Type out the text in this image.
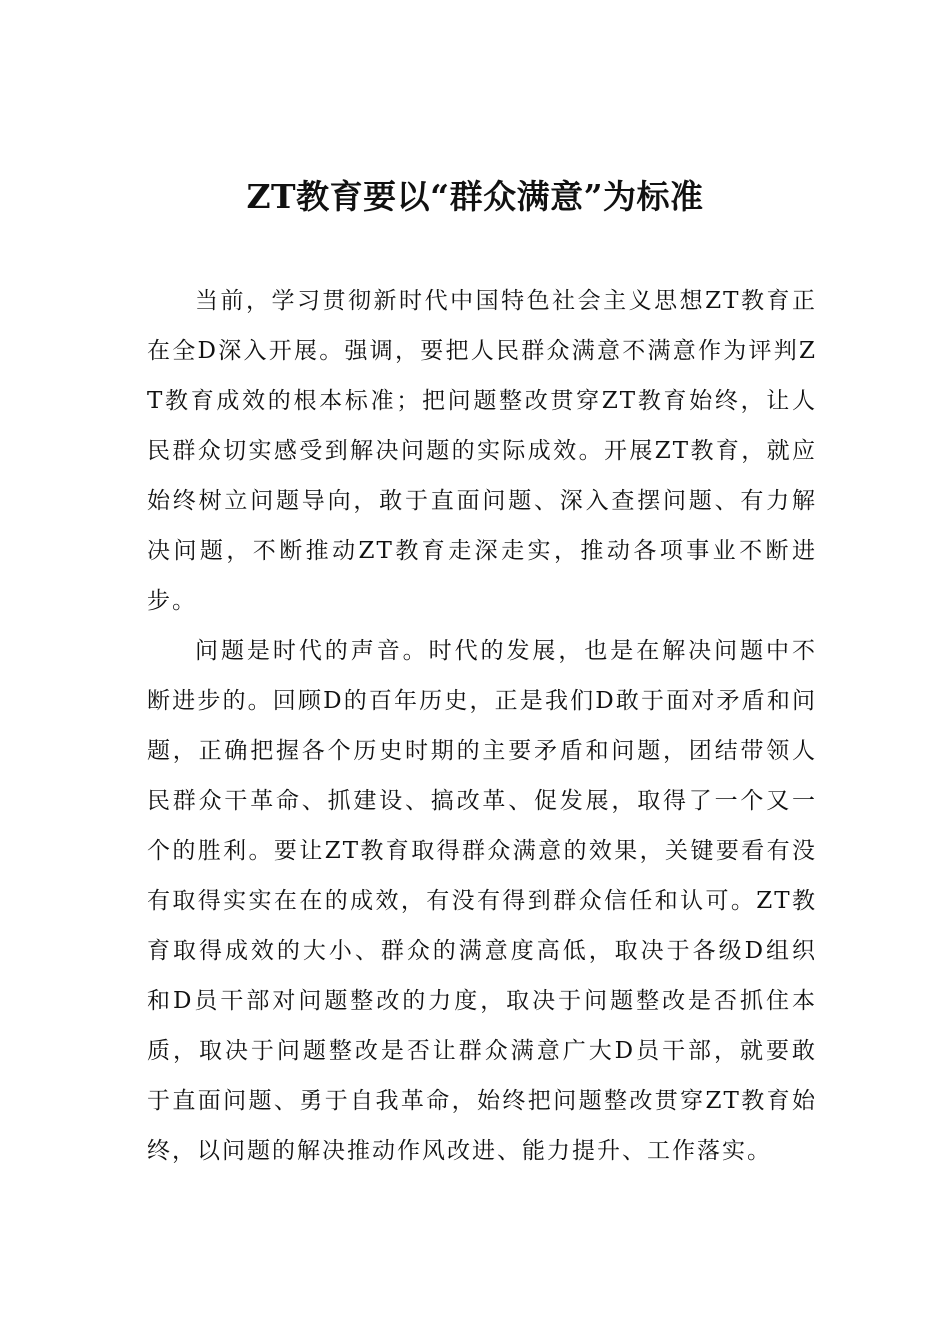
ZT教育要以“群众满意”为标准

当前，学习贯彻新时代中国特色社会主义思想ZT教育正在全D深入开展。强调，要把人民群众满意不满意作为评判ZT教育成效的根本标准；把问题整改贯穿ZT教育始终，让人民群众切实感受到解决问题的实际成效。开展ZT教育，就应始终树立问题导向，敢于直面问题、深入查摆问题、有力解决问题，不断推动ZT教育走深走实，推动各项事业不断进步。

问题是时代的声音。时代的发展，也是在解决问题中不断进步的。回顾D的百年历史，正是我们D敢于面对矛盾和问题，正确把握各个历史时期的主要矛盾和问题，团结带领人民群众干革命、抓建设、搞改革、促发展，取得了一个又一个的胜利。要让ZT教育取得群众满意的效果，关键要看有没有取得实实在在的成效，有没有得到群众信任和认可。ZT教育取得成效的大小、群众的满意度高低，取决于各级D组织和D员干部对问题整改的力度，取决于问题整改是否抓住本质，取决于问题整改是否让群众满意广大D员干部，就要敢于直面问题、勇于自我革命，始终把问题整改贯穿ZT教育始终，以问题的解决推动作风改进、能力提升、工作落实。
